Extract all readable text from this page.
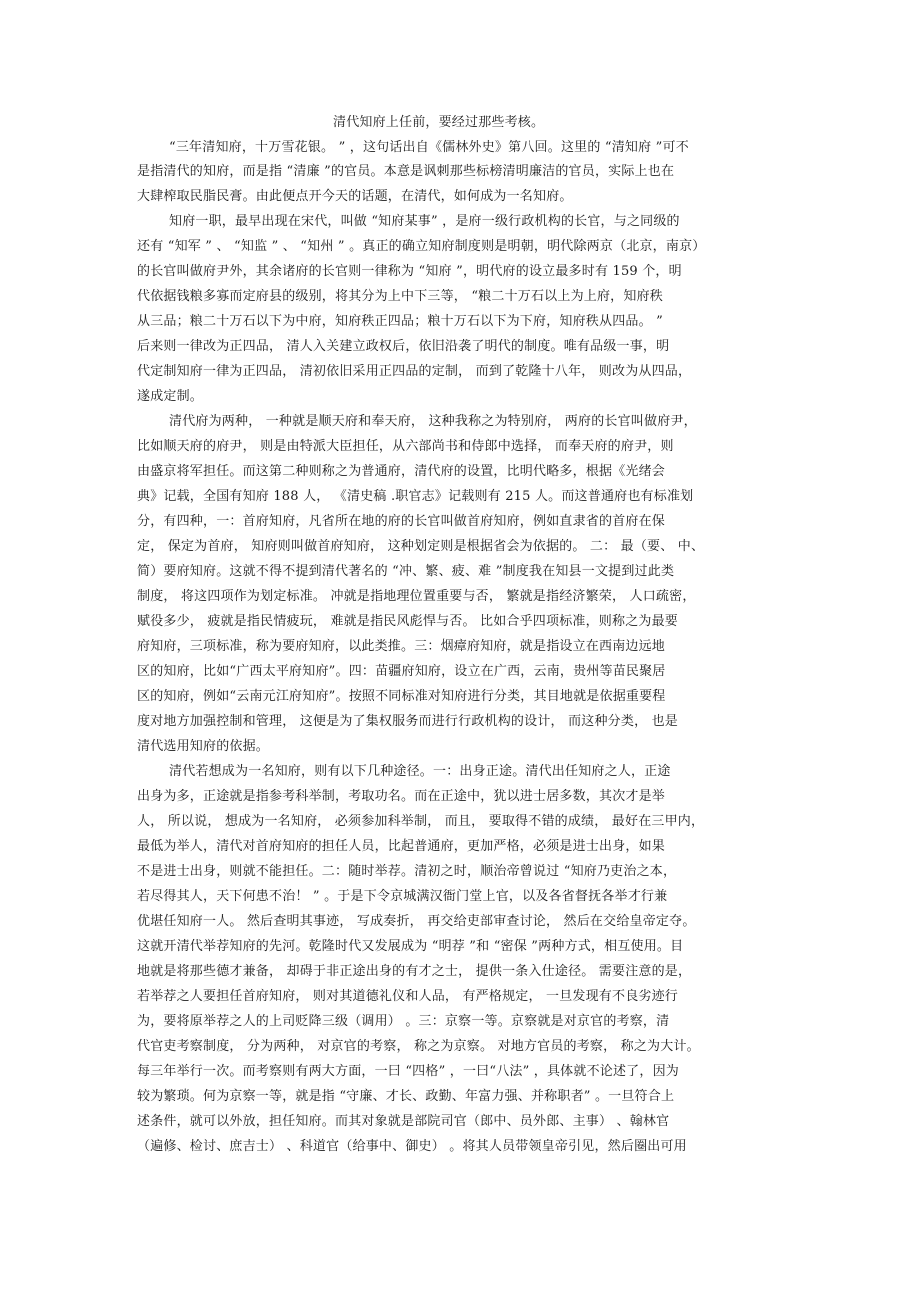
清代知府上任前，要经过那些考核。
“三年清知府，十万雪花银。 ” ，这句话出自《儒林外史》第八回。这里的 “清知府 ”可不
是指清代的知府，而是指 “清廉 ”的官员。本意是讽刺那些标榜清明廉洁的官员，实际上也在
大肆榨取民脂民膏。由此便点开今天的话题，在清代，如何成为一名知府。
知府一职，最早出现在宋代，叫做 “知府某事” ，是府一级行政机构的长官，与之同级的
还有 “知军 ” 、 “知监 ” 、 “知州 ” 。真正的确立知府制度则是明朝，明代除两京（北京，南京）
的长官叫做府尹外，其余诸府的长官则一律称为 “知府 ”，明代府的设立最多时有 159 个，明
代依据钱粮多寡而定府县的级别，将其分为上中下三等， “粮二十万石以上为上府，知府秩
从三品；粮二十万石以下为中府，知府秩正四品；粮十万石以下为下府，知府秩从四品。 ”
后来则一律改为正四品， 清人入关建立政权后，依旧沿袭了明代的制度。唯有品级一事，明
代定制知府一律为正四品， 清初依旧采用正四品的定制， 而到了乾隆十八年， 则改为从四品，
遂成定制。
清代府为两种， 一种就是顺天府和奉天府， 这种我称之为特别府， 两府的长官叫做府尹，
比如顺天府的府尹， 则是由特派大臣担任，从六部尚书和侍郎中选择， 而奉天府的府尹，则
由盛京将军担任。而这第二种则称之为普通府，清代府的设置，比明代略多，根据《光绪会
典》记载，全国有知府 188 人， 《清史稿 .职官志》记载则有 215 人。而这普通府也有标准划
分，有四种，一：首府知府，凡省所在地的府的长官叫做首府知府，例如直隶省的首府在保
定， 保定为首府， 知府则叫做首府知府， 这种划定则是根据省会为依据的。 二： 最（要、 中、
简）要府知府。这就不得不提到清代著名的 “冲、繁、疲、难 ”制度我在知县一文提到过此类
制度， 将这四项作为划定标准。 冲就是指地理位置重要与否， 繁就是指经济繁荣， 人口疏密，
赋役多少， 疲就是指民情疲玩， 难就是指民风彪悍与否。 比如合乎四项标准，则称之为最要
府知府，三项标准，称为要府知府，以此类推。三：烟瘴府知府，就是指设立在西南边远地
区的知府，比如“广西太平府知府”。四：苗疆府知府，设立在广西，云南，贵州等苗民聚居
区的知府，例如“云南元江府知府”。按照不同标准对知府进行分类，其目地就是依据重要程
度对地方加强控制和管理， 这便是为了集权服务而进行行政机构的设计， 而这种分类， 也是
清代选用知府的依据。
清代若想成为一名知府，则有以下几种途径。一：出身正途。清代出任知府之人，正途
出身为多，正途就是指参考科举制，考取功名。而在正途中，犹以进士居多数，其次才是举
人， 所以说， 想成为一名知府， 必须参加科举制， 而且， 要取得不错的成绩， 最好在三甲内，
最低为举人，清代对首府知府的担任人员，比起普通府，更加严格，必须是进士出身，如果
不是进士出身，则就不能担任。二：随时举荐。清初之时，顺治帝曾说过 “知府乃吏治之本，
若尽得其人，天下何患不治！ ” 。于是下令京城满汉衙门堂上官，以及各省督抚各举才行兼
优堪任知府一人。 然后查明其事迹， 写成奏折， 再交给吏部审查讨论， 然后在交给皇帝定夺。
这就开清代举荐知府的先河。乾隆时代又发展成为 “明荐 ”和 “密保 ”两种方式，相互使用。目
地就是将那些德才兼备， 却碍于非正途出身的有才之士， 提供一条入仕途径。 需要注意的是，
若举荐之人要担任首府知府， 则对其道德礼仪和人品， 有严格规定， 一旦发现有不良劣迹行
为，要将原举荐之人的上司贬降三级（调用） 。三：京察一等。京察就是对京官的考察，清
代官吏考察制度， 分为两种， 对京官的考察， 称之为京察。 对地方官员的考察， 称之为大计。
每三年举行一次。而考察则有两大方面，一曰 “四格” ，一曰“八法” ，具体就不论述了，因为
较为繁琐。何为京察一等，就是指 “守廉、才长、政勤、年富力强、并称职者” 。一旦符合上
述条件，就可以外放，担任知府。而其对象就是部院司官（郎中、员外郎、主事） 、翰林官
（遍修、检讨、庶吉士） 、科道官（给事中、御史） 。将其人员带领皇帝引见，然后圈出可用
